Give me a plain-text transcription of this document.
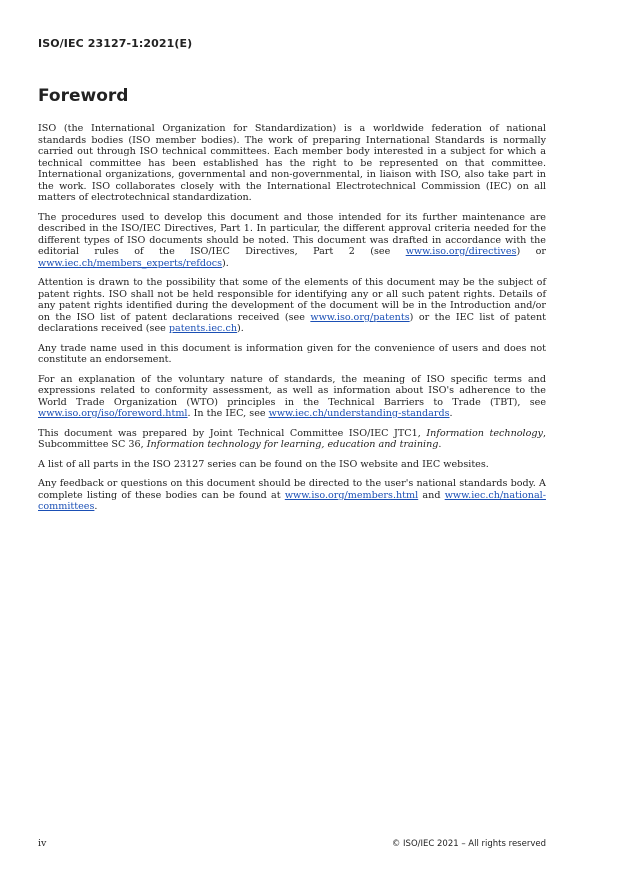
ISO/IEC 23127-1:2021(E)
Foreword

ISO (the International Organization for Standardization) is a worldwide federation of national standards bodies (ISO member bodies). The work of preparing International Standards is normally carried out through ISO technical committees. Each member body interested in a subject for which a technical committee has been established has the right to be represented on that committee. International organizations, governmental and non-governmental, in liaison with ISO, also take part in the work. ISO collaborates closely with the International Electrotechnical Commission (IEC) on all matters of electrotechnical standardization.

The procedures used to develop this document and those intended for its further maintenance are described in the ISO/IEC Directives, Part 1. In particular, the different approval criteria needed for the different types of ISO documents should be noted. This document was drafted in accordance with the editorial rules of the ISO/IEC Directives, Part 2 (see www.iso.org/directives) or www.iec.ch/members_experts/refdocs).

Attention is drawn to the possibility that some of the elements of this document may be the subject of patent rights. ISO shall not be held responsible for identifying any or all such patent rights. Details of any patent rights identified during the development of the document will be in the Introduction and/or on the ISO list of patent declarations received (see www.iso.org/patents) or the IEC list of patent declarations received (see patents.iec.ch).

Any trade name used in this document is information given for the convenience of users and does not constitute an endorsement.

For an explanation of the voluntary nature of standards, the meaning of ISO specific terms and expressions related to conformity assessment, as well as information about ISO's adherence to the World Trade Organization (WTO) principles in the Technical Barriers to Trade (TBT), see www.iso.org/iso/foreword.html. In the IEC, see www.iec.ch/understanding-standards.

This document was prepared by Joint Technical Committee ISO/IEC JTC1, Information technology, Subcommittee SC 36, Information technology for learning, education and training.

A list of all parts in the ISO 23127 series can be found on the ISO website and IEC websites.

Any feedback or questions on this document should be directed to the user's national standards body. A complete listing of these bodies can be found at www.iso.org/members.html and www.iec.ch/national-committees.

iv	© ISO/IEC 2021 – All rights reserved
